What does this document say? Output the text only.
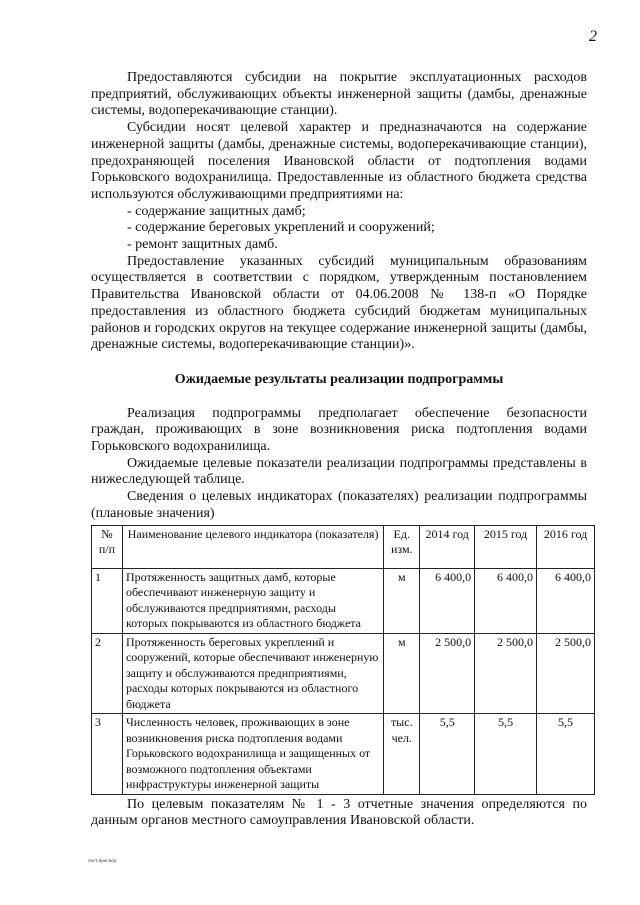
2

Предоставляются субсидии на покрытие эксплуатационных расходов предприятий, обслуживающих объекты инженерной защиты (дамбы, дренажные системы, водоперекачивающие станции).

Субсидии носят целевой характер и предназначаются на содержание инженерной защиты (дамбы, дренажные системы, водоперекачивающие станции), предохраняющей поселения Ивановской области от подтопления водами Горьковского водохранилища. Предоставленные из областного бюджета средства используются обслуживающими предприятиями на:

- содержание защитных дамб;

- содержание береговых укреплений и сооружений;

- ремонт защитных дамб.

Предоставление указанных субсидий муниципальным образованиям осуществляется в соответствии с порядком, утвержденным постановлением Правительства Ивановской области от 04.06.2008 № 138-п «О Порядке предоставления из областного бюджета субсидий бюджетам муниципальных районов и городских округов на текущее содержание инженерной защиты (дамбы, дренажные системы, водоперекачивающие станции)».

Ожидаемые результаты реализации подпрограммы

Реализация подпрограммы предполагает обеспечение безопасности граждан, проживающих в зоне возникновения риска подтопления водами Горьковского водохранилища.

Ожидаемые целевые показатели реализации подпрограммы представлены в нижеследующей таблице.

Сведения о целевых индикаторах (показателях) реализации подпрограммы (плановые значения)

№ п/п	Наименование целевого индикатора (показателя)	Ед. изм.	2014 год	2015 год	2016 год
1	Протяженность защитных дамб, которые обеспечивают инженерную защиту и обслуживаются предприятиями, расходы которых покрываются из областного бюджета	м	6 400,0	6 400,0	6 400,0
2	Протяженность береговых укреплений и сооружений, которые обеспечивают инженерную защиту и обслуживаются предиприятиями, расходы которых покрываются из областного бюджета	м	2 500,0	2 500,0	2 500,0
3	Численность человек, проживающих в зоне возникновения риска подтопления водами Горьковского водохранилища и защищенных от возможного подтопления объектами инфраструктуры инженерной защиты	тыс. чел.	5,5	5,5	5,5

По целевым показателям № 1 - 3 отчетные значения определяются по данным органов местного самоуправления Ивановской области.

пост.прог.вод
